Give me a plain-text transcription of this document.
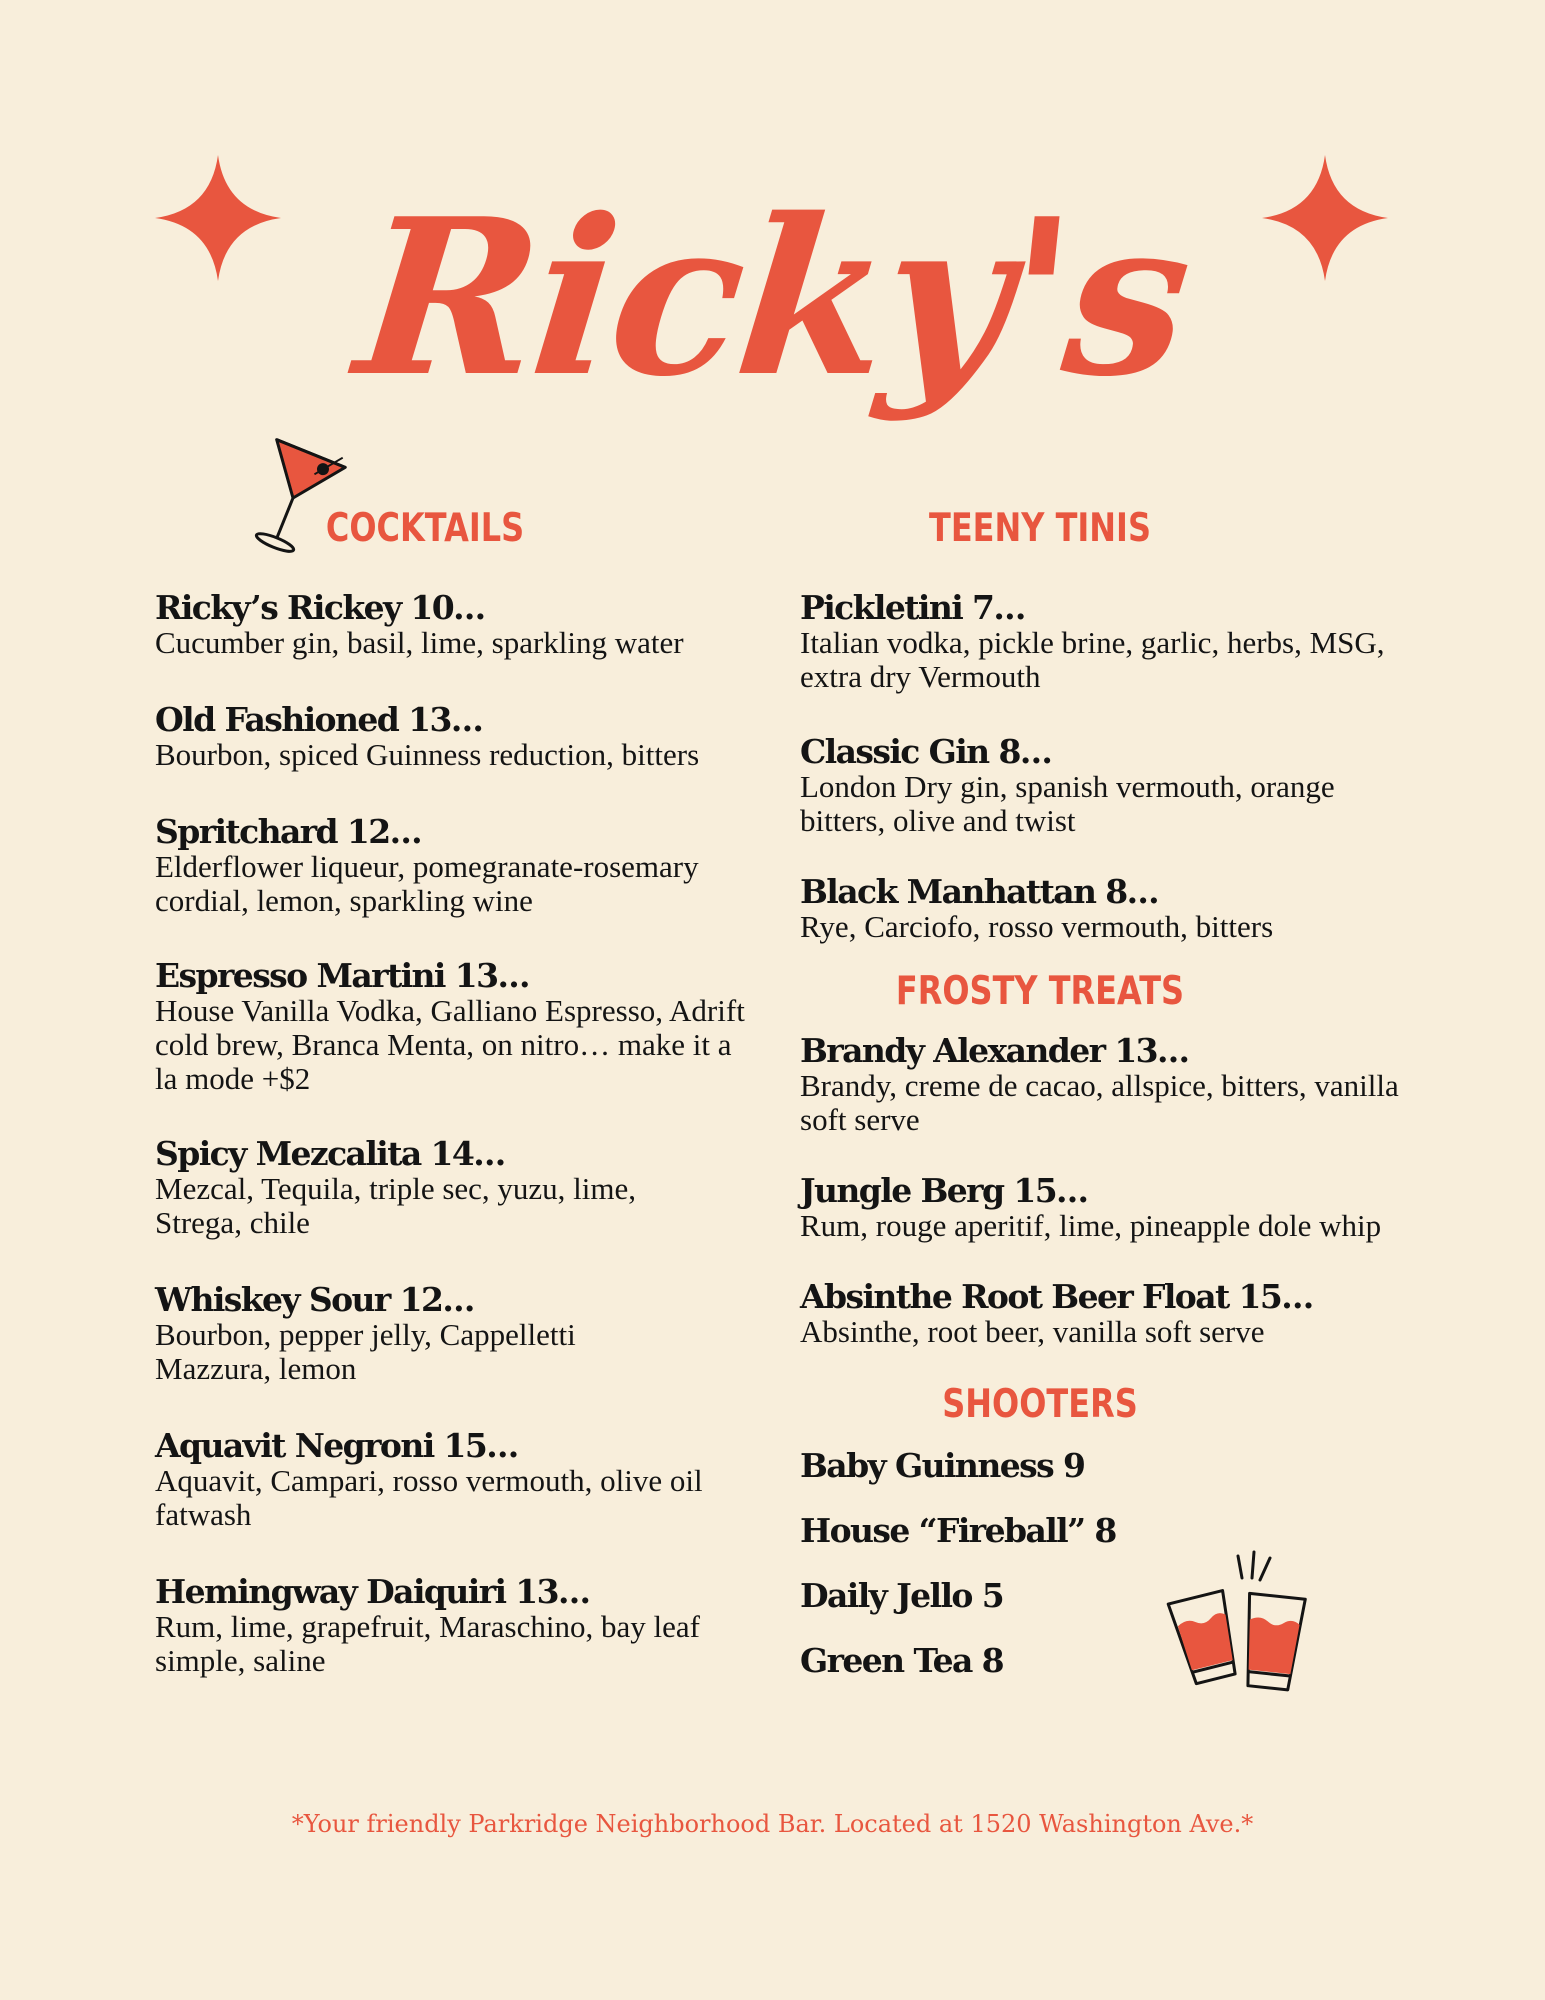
Ricky's
COCKTAILS
Ricky’s Rickey 10…
Cucumber gin, basil, lime, sparkling water
Old Fashioned 13…
Bourbon, spiced Guinness reduction, bitters
Spritchard 12…
Elderflower liqueur, pomegranate-rosemary cordial, lemon, sparkling wine
Espresso Martini 13…
House Vanilla Vodka, Galliano Espresso, Adrift cold brew, Branca Menta, on nitro… make it a la mode +$2
Spicy Mezcalita 14…
Mezcal, Tequila, triple sec, yuzu, lime, Strega, chile
Whiskey Sour 12…
Bourbon, pepper jelly, Cappelletti Mazzura, lemon
Aquavit Negroni 15…
Aquavit, Campari, rosso vermouth, olive oil fatwash
Hemingway Daiquiri 13…
Rum, lime, grapefruit, Maraschino, bay leaf simple, saline
TEENY TINIS
Pickletini 7…
Italian vodka, pickle brine, garlic, herbs, MSG, extra dry Vermouth
Classic Gin 8…
London Dry gin, spanish vermouth, orange bitters, olive and twist
Black Manhattan 8…
Rye, Carciofo, rosso vermouth, bitters
FROSTY TREATS
Brandy Alexander 13…
Brandy, creme de cacao, allspice, bitters, vanilla soft serve
Jungle Berg 15…
Rum, rouge aperitif, lime, pineapple dole whip
Absinthe Root Beer Float 15…
Absinthe, root beer, vanilla soft serve
SHOOTERS
Baby Guinness 9
House “Fireball” 8
Daily Jello 5
Green Tea 8
*Your friendly Parkridge Neighborhood Bar. Located at 1520 Washington Ave.*
